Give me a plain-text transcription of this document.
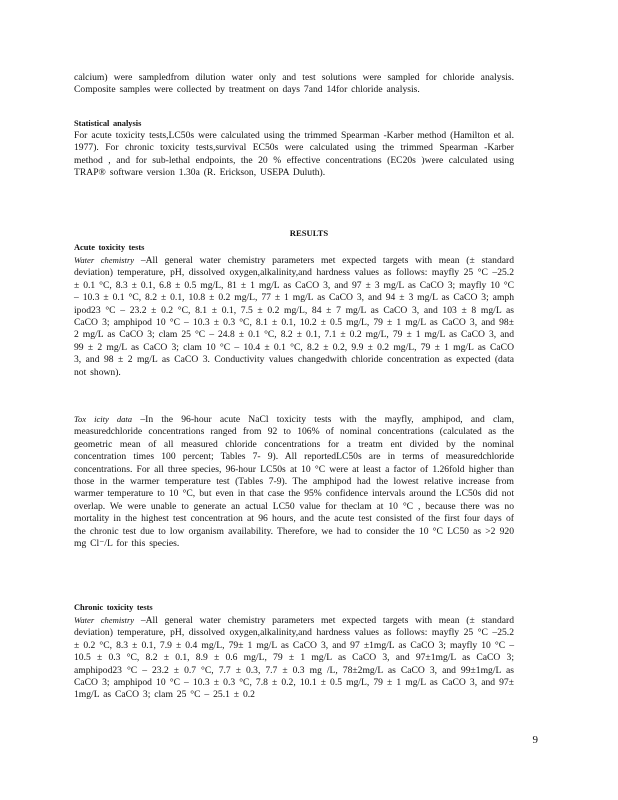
calcium) were sampledfrom dilution water only and test solutions were sampled for chloride analysis. Composite samples were collected by treatment on days 7and 14for chloride analysis.
Statistical analysis
For acute toxicity tests,LC50s were calculated using the trimmed Spearman -Karber method (Hamilton et al. 1977). For chronic toxicity tests,survival EC50s were calculated using the trimmed Spearman -Karber method , and for sub-lethal endpoints, the 20 % effective concentrations (EC20s )were calculated using TRAP® software version 1.30a (R. Erickson, USEPA Duluth).
RESULTS
Acute toxicity tests
Water chemistry –All general water chemistry parameters met expected targets with mean (± standard deviation) temperature, pH, dissolved oxygen,alkalinity,and hardness values as follows: mayfly 25 °C –25.2 ± 0.1 °C, 8.3 ± 0.1, 6.8 ± 0.5 mg/L, 81 ± 1 mg/L as CaCO 3, and 97 ± 3 mg/L as CaCO 3; mayfly 10 °C – 10.3 ± 0.1 °C, 8.2 ± 0.1, 10.8 ± 0.2 mg/L, 77 ± 1 mg/L as CaCO 3, and 94 ± 3 mg/L as CaCO 3; amph ipod23 °C – 23.2 ± 0.2 °C, 8.1 ± 0.1, 7.5 ± 0.2 mg/L, 84 ± 7 mg/L as CaCO 3, and 103 ± 8 mg/L as CaCO 3; amphipod 10 °C – 10.3 ± 0.3 °C, 8.1 ± 0.1, 10.2 ± 0.5 mg/L, 79 ± 1 mg/L as CaCO 3, and 98± 2 mg/L as CaCO 3; clam 25 °C – 24.8 ± 0.1 °C, 8.2 ± 0.1, 7.1 ± 0.2 mg/L, 79 ± 1 mg/L as CaCO 3, and 99 ± 2 mg/L as CaCO 3; clam 10 °C – 10.4 ± 0.1 °C, 8.2 ± 0.2, 9.9 ± 0.2 mg/L, 79 ± 1 mg/L as CaCO 3, and 98 ± 2 mg/L as CaCO 3. Conductivity values changedwith chloride concentration as expected (data not shown).
Tox icity data –In the 96-hour acute NaCl toxicity tests with the mayfly, amphipod, and clam, measuredchloride concentrations ranged from 92 to 106% of nominal concentrations (calculated as the geometric mean of all measured chloride concentrations for a treatm ent divided by the nominal concentration times 100 percent; Tables 7- 9). All reportedLC50s are in terms of measuredchloride concentrations. For all three species, 96-hour LC50s at 10 °C were at least a factor of 1.26fold higher than those in the warmer temperature test (Tables 7-9). The amphipod had the lowest relative increase from warmer temperature to 10 °C, but even in that case the 95% confidence intervals around the LC50s did not overlap. We were unable to generate an actual LC50 value for theclam at 10 °C , because there was no mortality in the highest test concentration at 96 hours, and the acute test consisted of the first four days of the chronic test due to low organism availability. Therefore, we had to consider the 10 °C LC50 as >2 920 mg Cl⁻/L for this species.
Chronic toxicity tests
Water chemistry –All general water chemistry parameters met expected targets with mean (± standard deviation) temperature, pH, dissolved oxygen,alkalinity,and hardness values as follows: mayfly 25 °C –25.2 ± 0.2 °C, 8.3 ± 0.1, 7.9 ± 0.4 mg/L, 79± 1 mg/L as CaCO 3, and 97 ±1mg/L as CaCO 3; mayfly 10 °C – 10.5 ± 0.3 °C, 8.2 ± 0.1, 8.9 ± 0.6 mg/L, 79 ± 1 mg/L as CaCO 3, and 97±1mg/L as CaCO 3; amphipod23 °C – 23.2 ± 0.7 °C, 7.7 ± 0.3, 7.7 ± 0.3 mg /L, 78±2mg/L as CaCO 3, and 99±1mg/L as CaCO 3; amphipod 10 °C – 10.3 ± 0.3 °C, 7.8 ± 0.2, 10.1 ± 0.5 mg/L, 79 ± 1 mg/L as CaCO 3, and 97± 1mg/L as CaCO 3; clam 25 °C – 25.1 ± 0.2
9
